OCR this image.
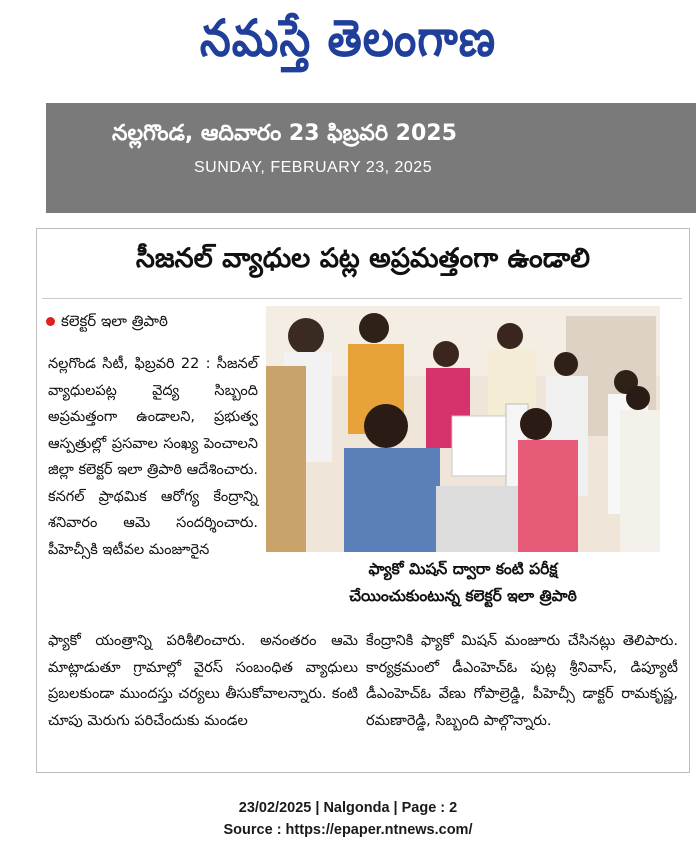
నమస్తే తెలంగాణ
నల్లగొండ, ఆదివారం 23 ఫిబ్రవరి 2025
SUNDAY, FEBRUARY 23, 2025
సీజనల్ వ్యాధుల పట్ల అప్రమత్తంగా ఉండాలి
కలెక్టర్ ఇలా త్రిపాఠి

నల్లగొండ సిటీ, ఫిబ్రవరి 22 : సీజనల్ వ్యాధులపట్ల వైద్య సిబ్బంది అప్రమత్తంగా ఉండాలని, ప్రభుత్వ ఆస్పత్రుల్లో ప్రసవాల సంఖ్య పెంచాలని జిల్లా కలెక్టర్ ఇలా త్రిపాఠి ఆదేశించారు. కనగల్ ప్రాథమిక ఆరోగ్య కేంద్రాన్ని శనివారం ఆమె సందర్శించారు. పీహెచ్సీకి ఇటీవల మంజూరైన

ఫ్యాకో మిషన్ ద్వారా కంటి పరీక్ష
చేయించుకుంటున్న కలెక్టర్ ఇలా త్రిపాఠి

ఫ్యాకో యంత్రాన్ని పరిశీలించారు. అనంతరం ఆమె మాట్లాడుతూ గ్రామాల్లో వైరస్ సంబంధిత వ్యాధులు ప్రబలకుండా ముందస్తు చర్యలు తీసుకోవాలన్నారు. కంటి చూపు మెరుగు పరిచేందుకు మండల

కేంద్రానికి ఫ్యాకో మిషన్ మంజూరు చేసినట్లు తెలిపారు. కార్యక్రమంలో డీఎంహెచ్ఓ పుట్ల శ్రీనివాస్, డిప్యూటీ డీఎంహెచ్ఓ వేణు గోపాల్రెడ్డి, పీహెచ్సీ డాక్టర్ రామకృష్ణ, రమణారెడ్డి, సిబ్బంది పాల్గొన్నారు.

23/02/2025 | Nalgonda | Page : 2
Source : https://epaper.ntnews.com/
